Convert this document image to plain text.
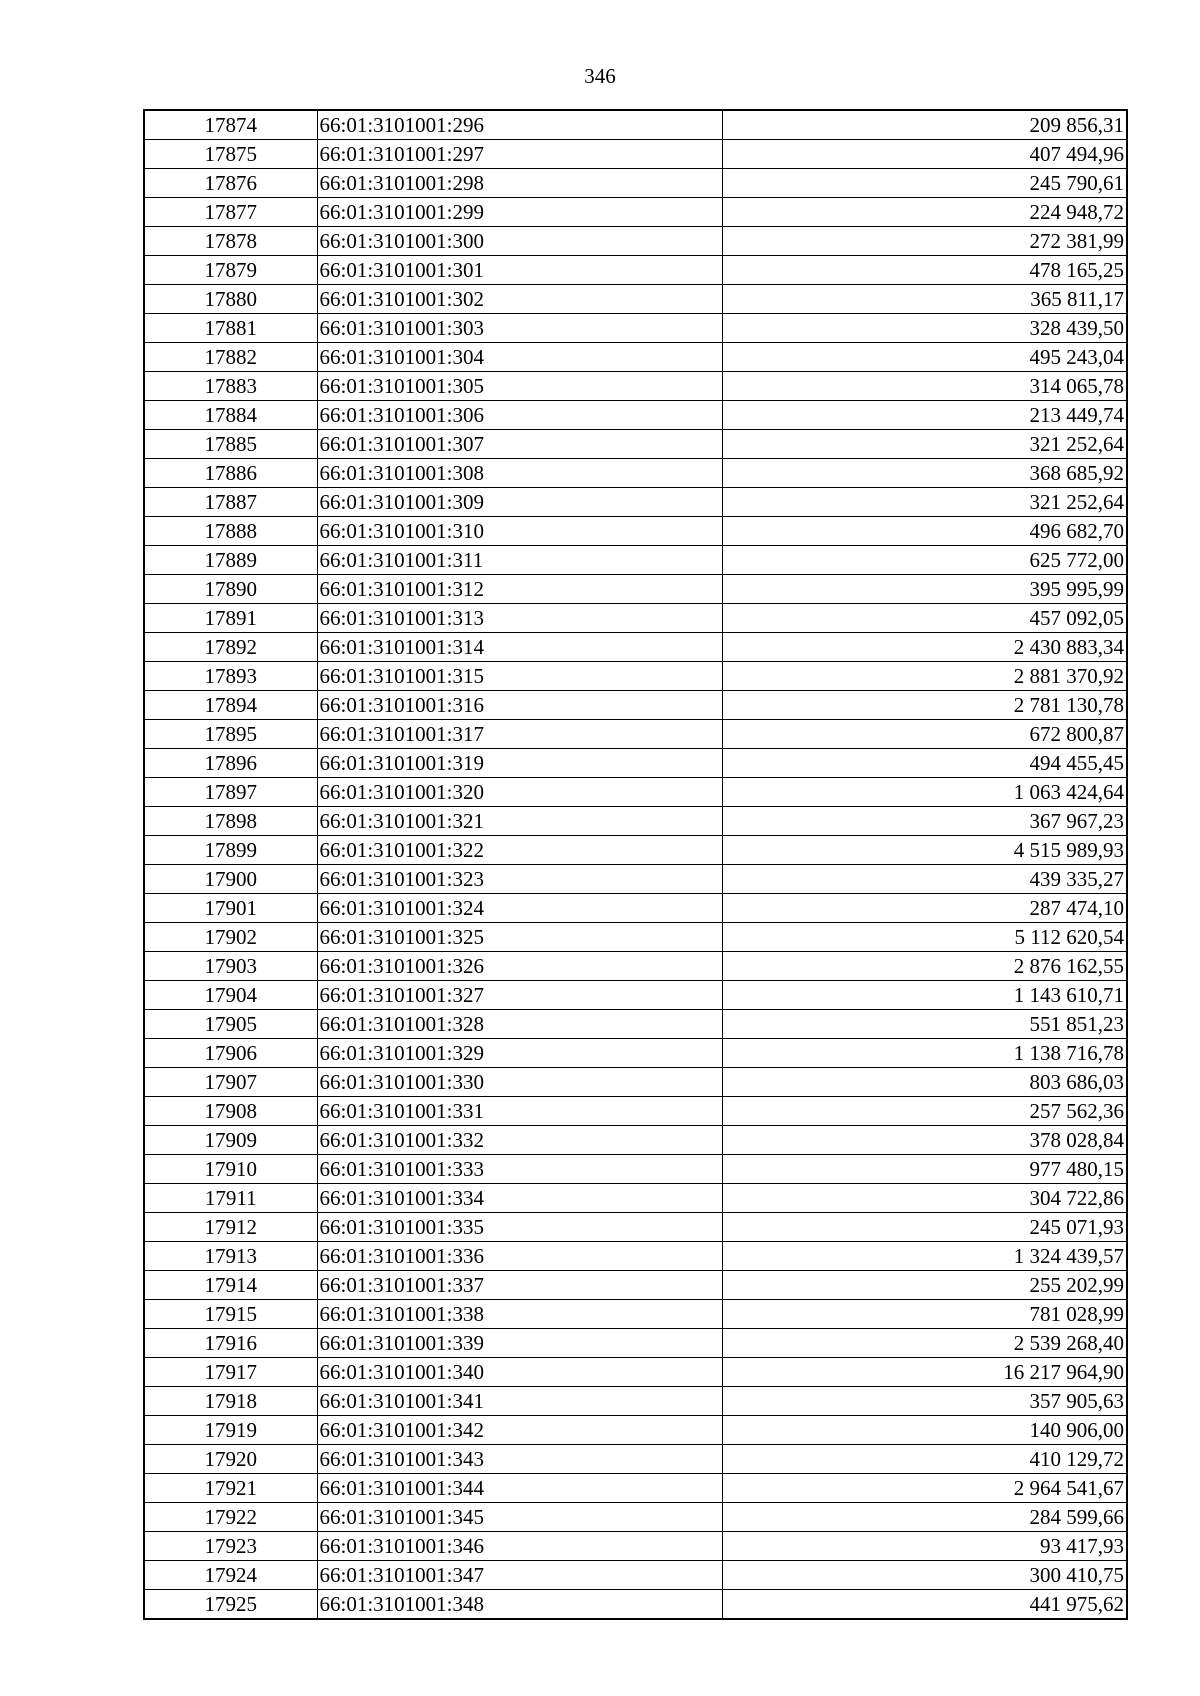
346
17874	66:01:3101001:296	209 856,31
17875	66:01:3101001:297	407 494,96
17876	66:01:3101001:298	245 790,61
17877	66:01:3101001:299	224 948,72
17878	66:01:3101001:300	272 381,99
17879	66:01:3101001:301	478 165,25
17880	66:01:3101001:302	365 811,17
17881	66:01:3101001:303	328 439,50
17882	66:01:3101001:304	495 243,04
17883	66:01:3101001:305	314 065,78
17884	66:01:3101001:306	213 449,74
17885	66:01:3101001:307	321 252,64
17886	66:01:3101001:308	368 685,92
17887	66:01:3101001:309	321 252,64
17888	66:01:3101001:310	496 682,70
17889	66:01:3101001:311	625 772,00
17890	66:01:3101001:312	395 995,99
17891	66:01:3101001:313	457 092,05
17892	66:01:3101001:314	2 430 883,34
17893	66:01:3101001:315	2 881 370,92
17894	66:01:3101001:316	2 781 130,78
17895	66:01:3101001:317	672 800,87
17896	66:01:3101001:319	494 455,45
17897	66:01:3101001:320	1 063 424,64
17898	66:01:3101001:321	367 967,23
17899	66:01:3101001:322	4 515 989,93
17900	66:01:3101001:323	439 335,27
17901	66:01:3101001:324	287 474,10
17902	66:01:3101001:325	5 112 620,54
17903	66:01:3101001:326	2 876 162,55
17904	66:01:3101001:327	1 143 610,71
17905	66:01:3101001:328	551 851,23
17906	66:01:3101001:329	1 138 716,78
17907	66:01:3101001:330	803 686,03
17908	66:01:3101001:331	257 562,36
17909	66:01:3101001:332	378 028,84
17910	66:01:3101001:333	977 480,15
17911	66:01:3101001:334	304 722,86
17912	66:01:3101001:335	245 071,93
17913	66:01:3101001:336	1 324 439,57
17914	66:01:3101001:337	255 202,99
17915	66:01:3101001:338	781 028,99
17916	66:01:3101001:339	2 539 268,40
17917	66:01:3101001:340	16 217 964,90
17918	66:01:3101001:341	357 905,63
17919	66:01:3101001:342	140 906,00
17920	66:01:3101001:343	410 129,72
17921	66:01:3101001:344	2 964 541,67
17922	66:01:3101001:345	284 599,66
17923	66:01:3101001:346	93 417,93
17924	66:01:3101001:347	300 410,75
17925	66:01:3101001:348	441 975,62
